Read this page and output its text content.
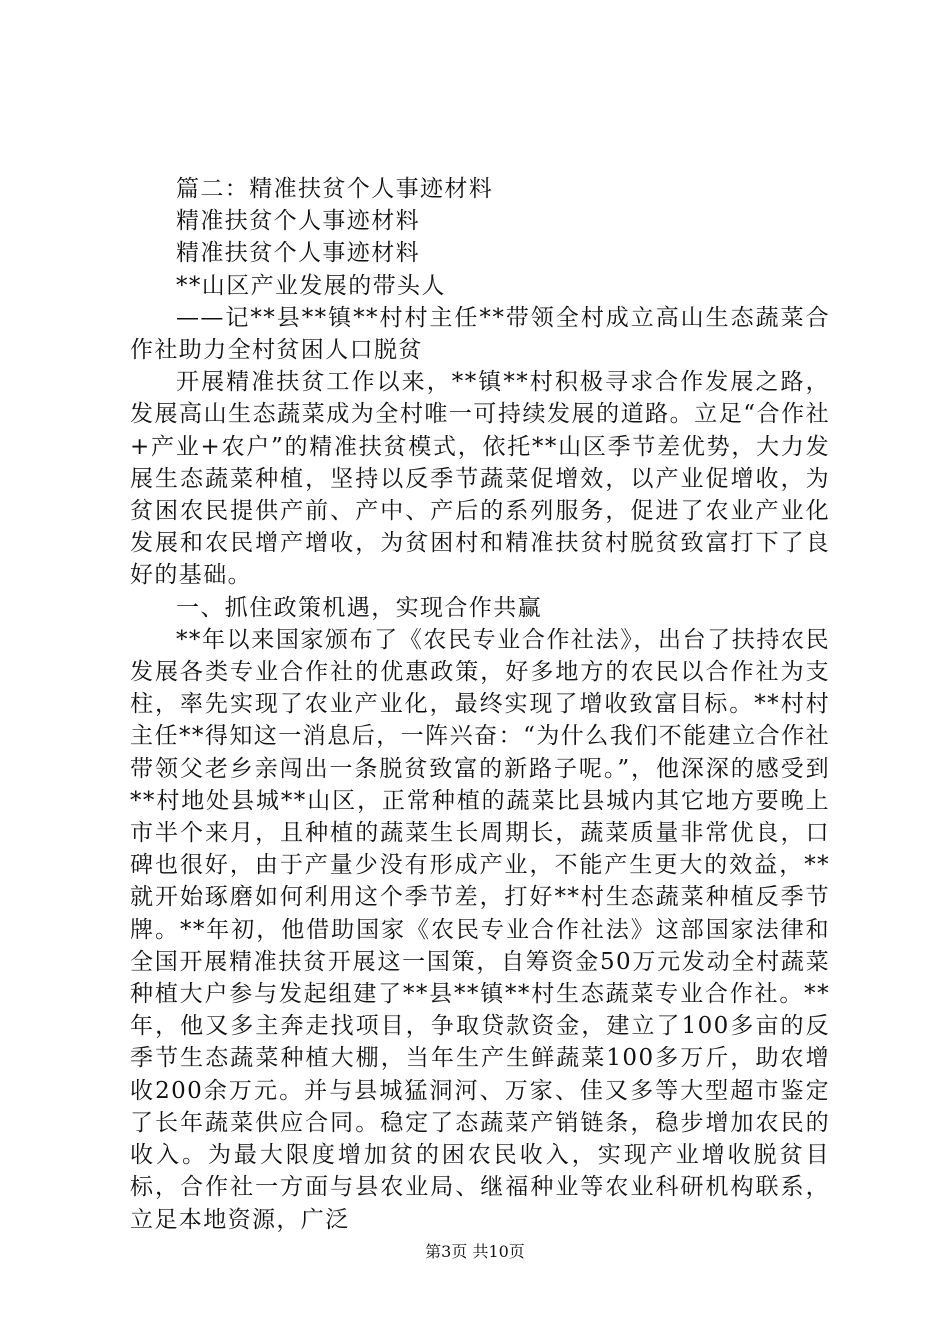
篇二：精准扶贫个人事迹材料
精准扶贫个人事迹材料
精准扶贫个人事迹材料
**山区产业发展的带头人
——记**县**镇**村村主任**带领全村成立高山生态蔬菜合作社助力全村贫困人口脱贫
开展精准扶贫工作以来，**镇**村积极寻求合作发展之路，发展高山生态蔬菜成为全村唯一可持续发展的道路。立足“合作社+产业+农户”的精准扶贫模式，依托**山区季节差优势，大力发展生态蔬菜种植，坚持以反季节蔬菜促增效，以产业促增收，为贫困农民提供产前、产中、产后的系列服务，促进了农业产业化发展和农民增产增收，为贫困村和精准扶贫村脱贫致富打下了良好的基础。
一、抓住政策机遇，实现合作共赢
**年以来国家颁布了《农民专业合作社法》，出台了扶持农民发展各类专业合作社的优惠政策，好多地方的农民以合作社为支柱，率先实现了农业产业化，最终实现了增收致富目标。**村村主任**得知这一消息后，一阵兴奋：“为什么我们不能建立合作社带领父老乡亲闯出一条脱贫致富的新路子呢。”，他深深的感受到**村地处县城**山区，正常种植的蔬菜比县城内其它地方要晚上市半个来月，且种植的蔬菜生长周期长，蔬菜质量非常优良，口碑也很好，由于产量少没有形成产业，不能产生更大的效益，**就开始琢磨如何利用这个季节差，打好**村生态蔬菜种植反季节牌。**年初，他借助国家《农民专业合作社法》这部国家法律和全国开展精准扶贫开展这一国策，自筹资金50万元发动全村蔬菜种植大户参与发起组建了**县**镇**村生态蔬菜专业合作社。**年，他又多主奔走找项目，争取贷款资金，建立了100多亩的反季节生态蔬菜种植大棚，当年生产生鲜蔬菜100多万斤，助农增收200余万元。并与县城猛洞河、万家、佳又多等大型超市鉴定了长年蔬菜供应合同。稳定了态蔬菜产销链条，稳步增加农民的收入。为最大限度增加贫的困农民收入，实现产业增收脱贫目标，合作社一方面与县农业局、继福种业等农业科研机构联系，立足本地资源，广泛
第3页 共10页
